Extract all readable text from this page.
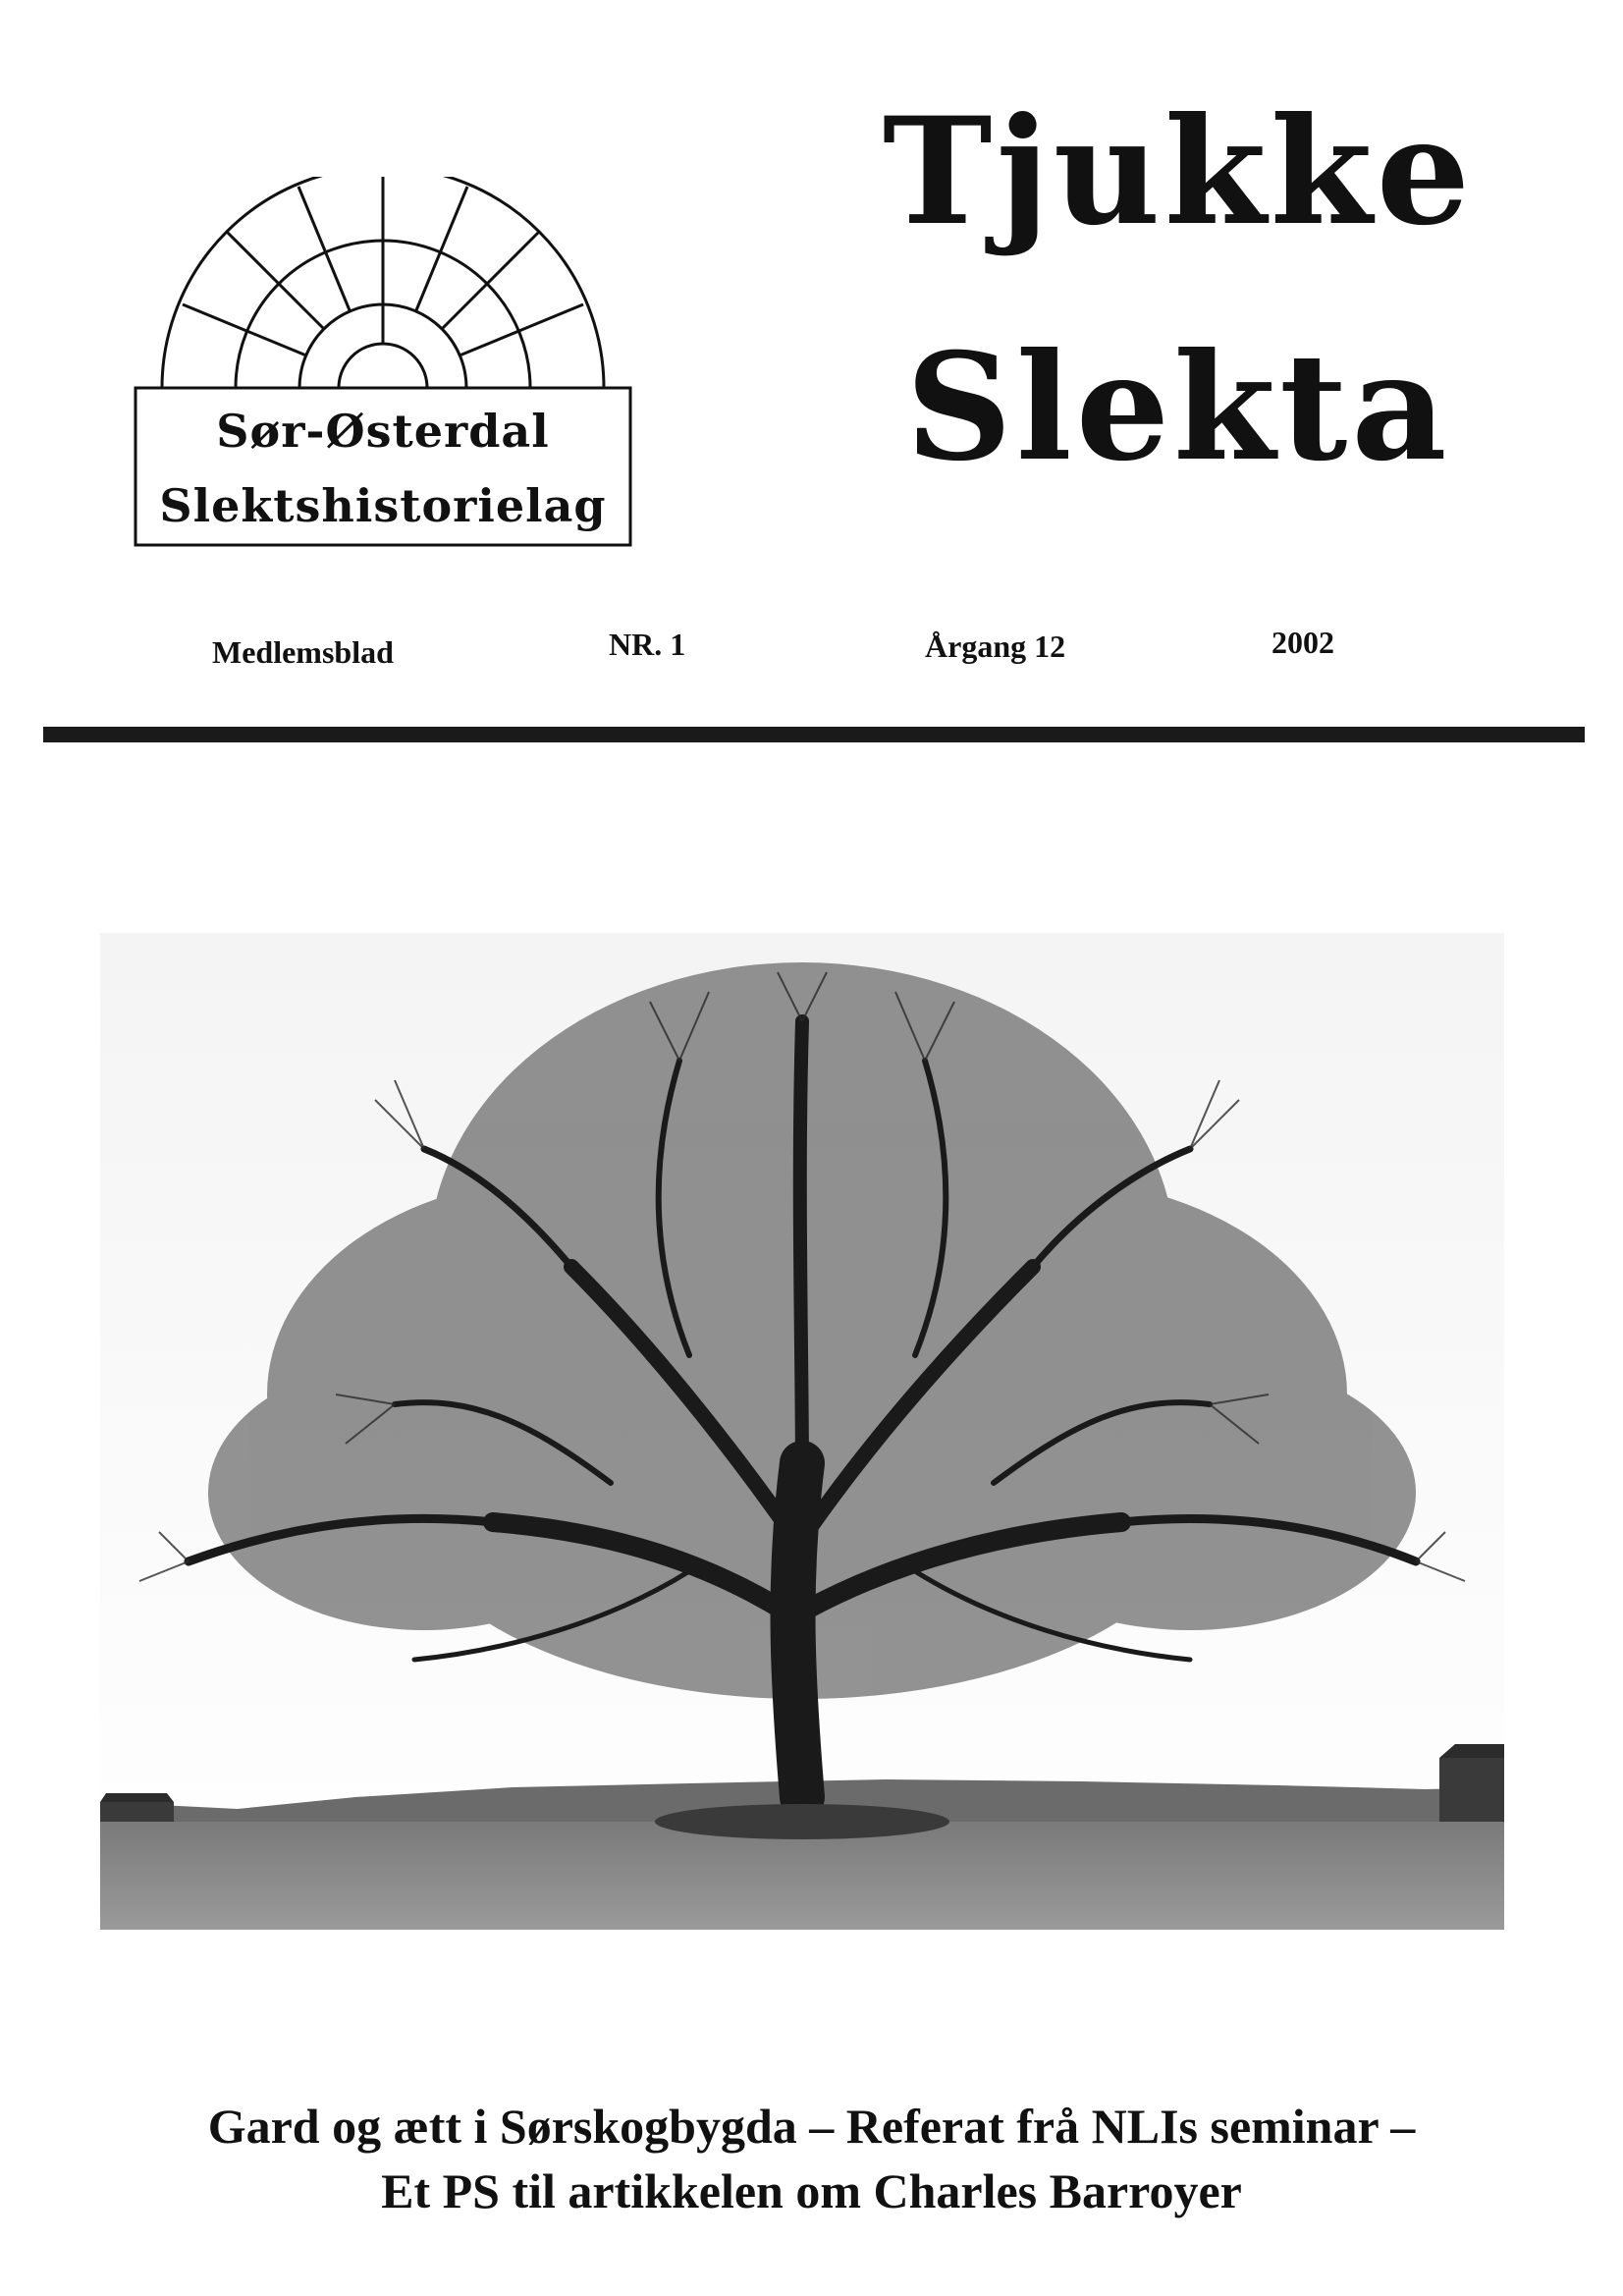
Sør-Østerdal
Slektshistorielag
Tjukke
Slekta
Medlemsblad	NR. 1	Årgang 12	2002
Gard og ætt i Sørskogbygda – Referat frå NLIs seminar –
Et PS til artikkelen om Charles Barroyer
